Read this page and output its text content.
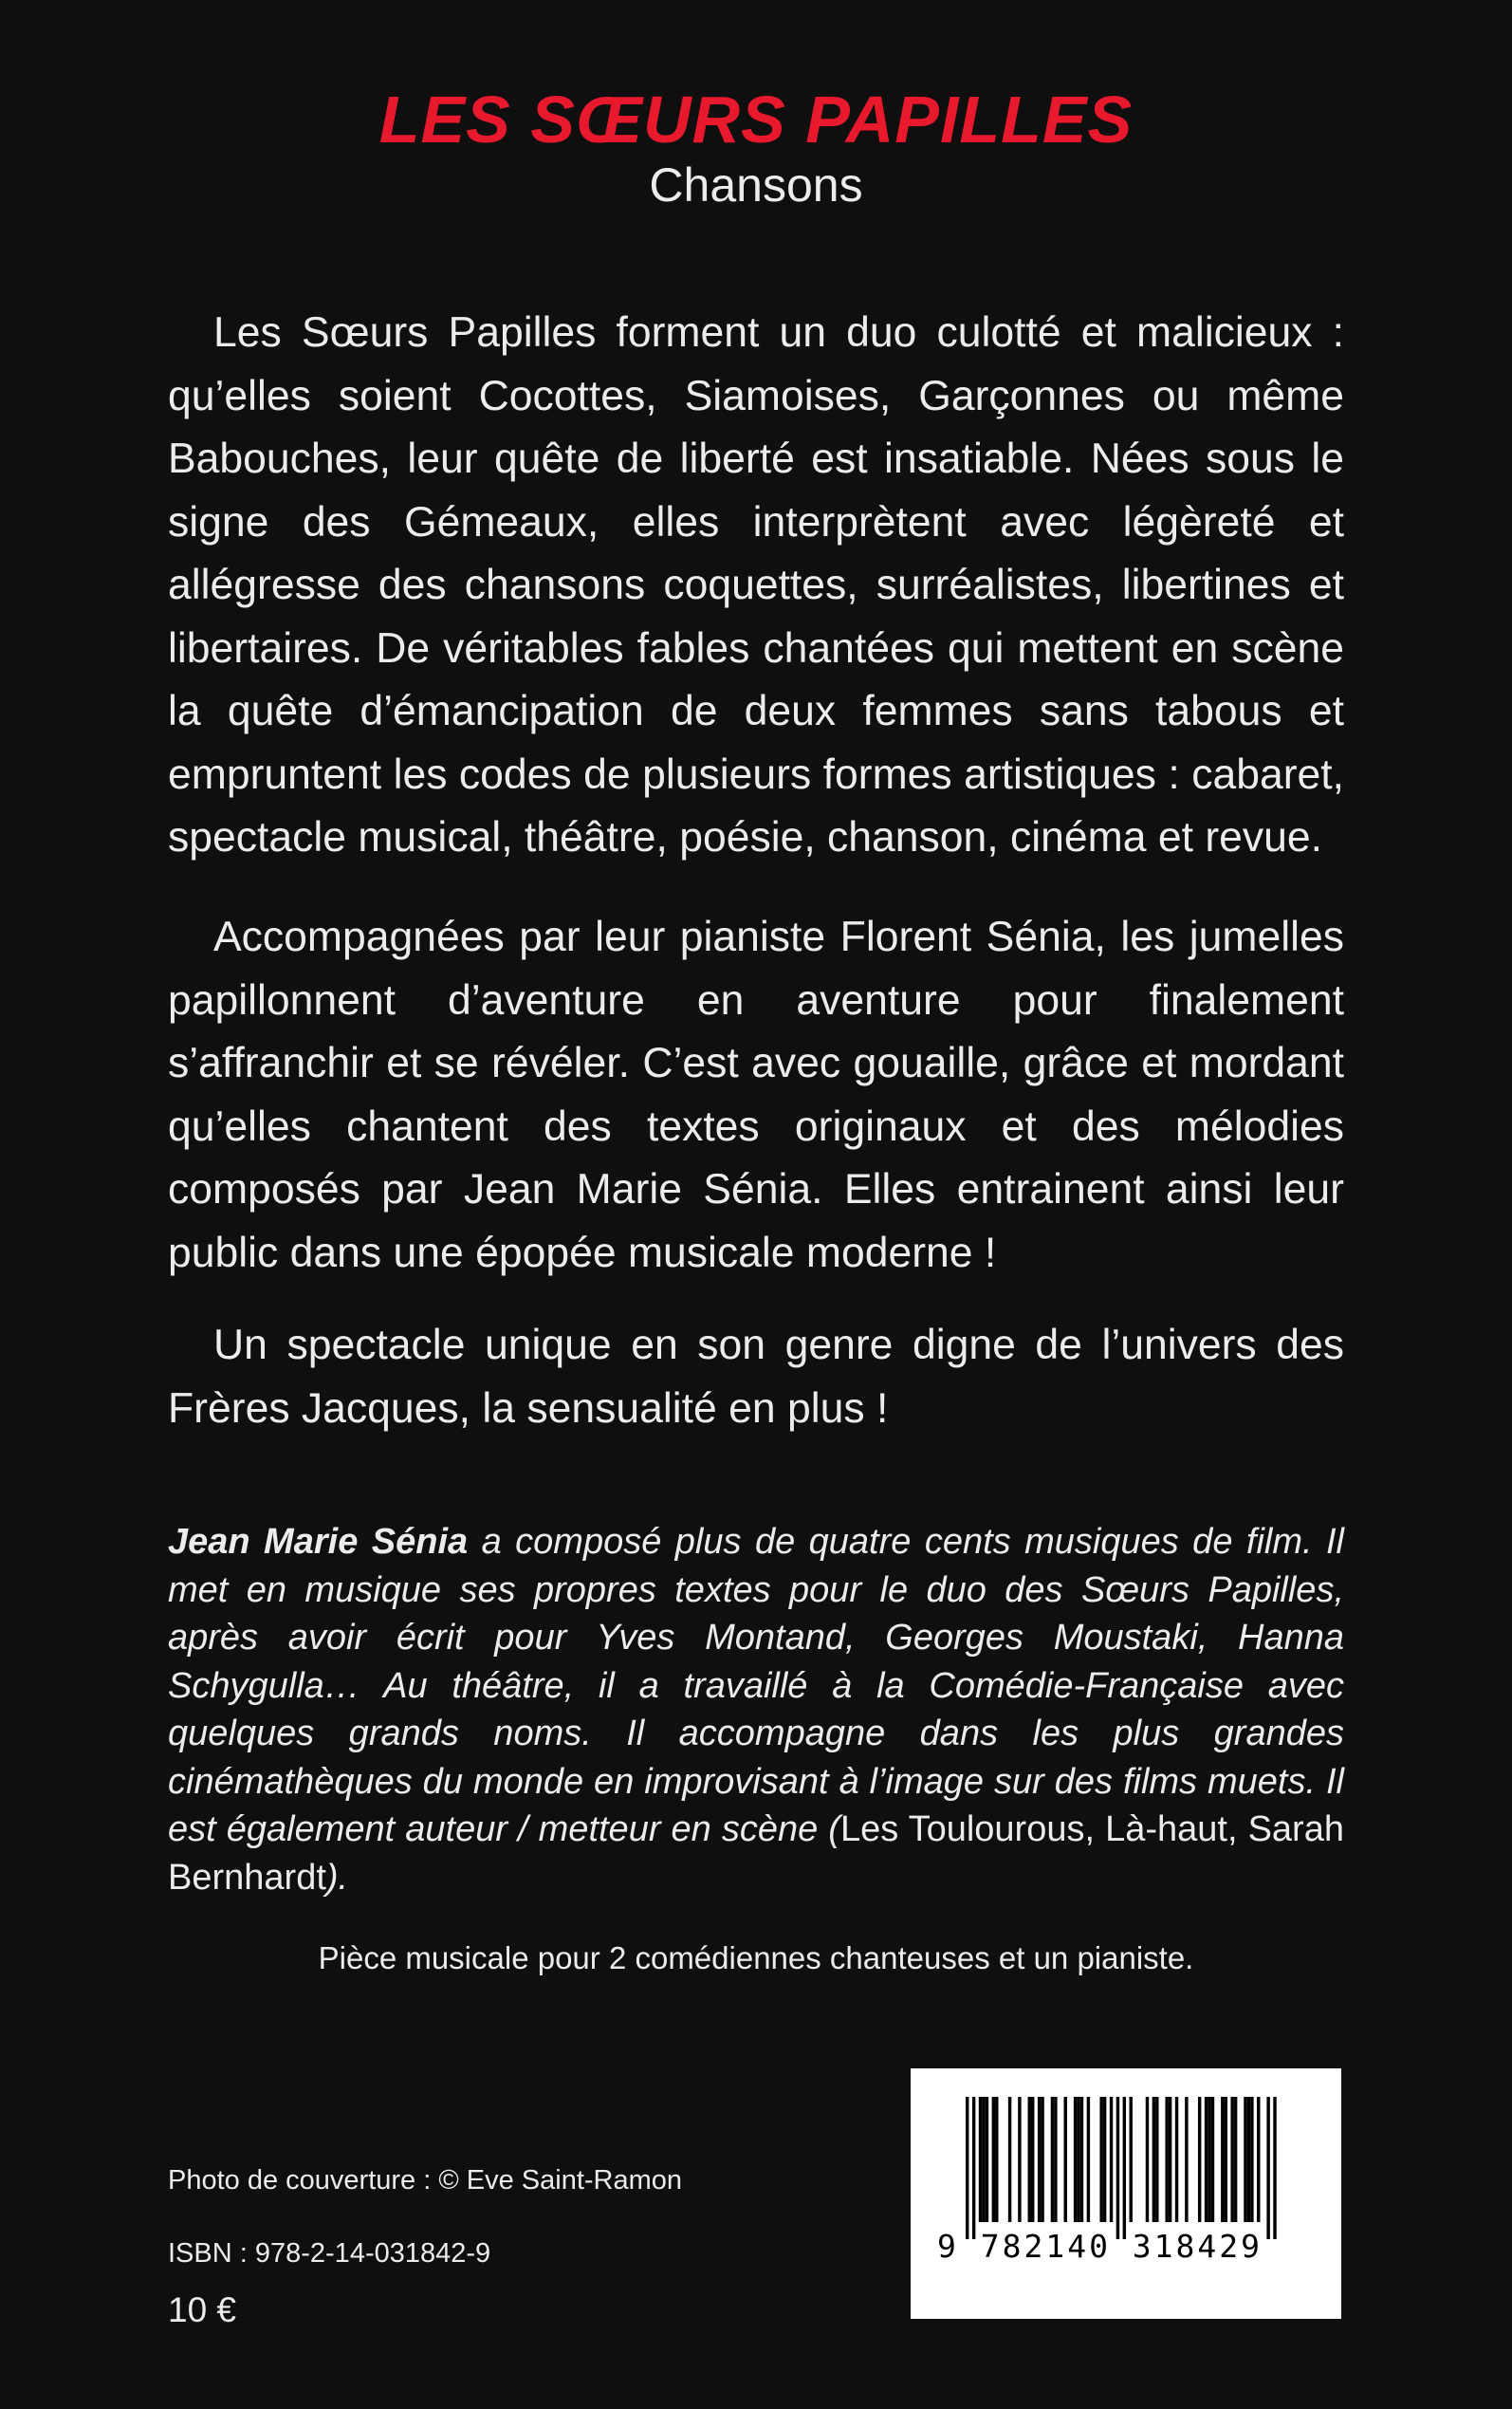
LES SŒURS PAPILLES
Chansons

Les Sœurs Papilles forment un duo culotté et malicieux : qu’elles soient Cocottes, Siamoises, Garçonnes ou même Babouches, leur quête de liberté est insatiable. Nées sous le signe des Gémeaux, elles interprètent avec légèreté et allégresse des chansons coquettes, surréalistes, libertines et libertaires. De véritables fables chantées qui mettent en scène la quête d’émancipation de deux femmes sans tabous et empruntent les codes de plusieurs formes artistiques : cabaret, spectacle musical, théâtre, poésie, chanson, cinéma et revue.

Accompagnées par leur pianiste Florent Sénia, les jumelles papillonnent d’aventure en aventure pour finalement s’affranchir et se révéler. C’est avec gouaille, grâce et mordant qu’elles chantent des textes originaux et des mélodies composés par Jean Marie Sénia. Elles entrainent ainsi leur public dans une épopée musicale moderne !

Un spectacle unique en son genre digne de l’univers des Frères Jacques, la sensualité en plus !

Jean Marie Sénia a composé plus de quatre cents musiques de film. Il met en musique ses propres textes pour le duo des Sœurs Papilles, après avoir écrit pour Yves Montand, Georges Moustaki, Hanna Schygulla… Au théâtre, il a travaillé à la Comédie-Française avec quelques grands noms. Il accompagne dans les plus grandes cinémathèques du monde en improvisant à l’image sur des films muets. Il est également auteur / metteur en scène (Les Toulourous, Là-haut, Sarah Bernhardt).
Pièce musicale pour 2 comédiennes chanteuses et un pianiste.
Photo de couverture : © Eve Saint-Ramon
ISBN : 978-2-14-031842-9
10 €
9 782140 318429
